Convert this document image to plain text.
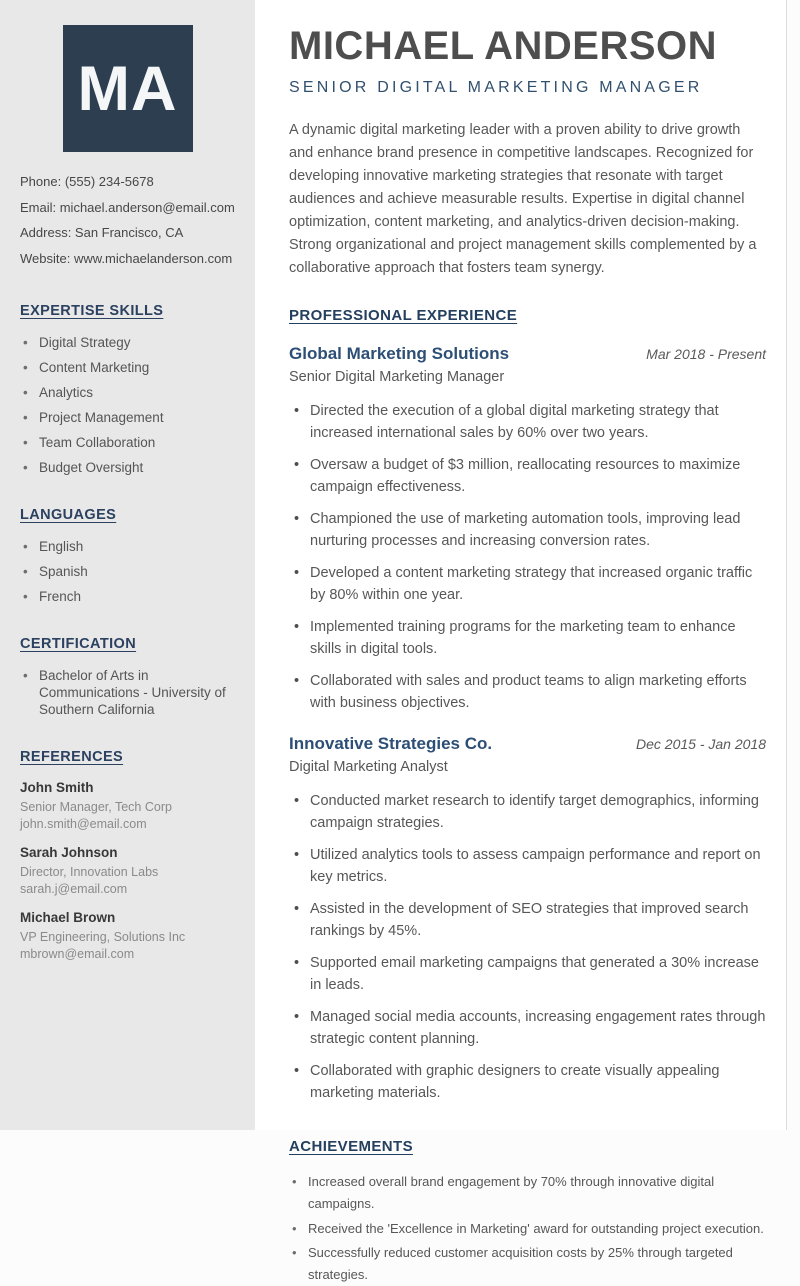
MA

Phone: (555) 234-5678

Email: michael.anderson@email.com

Address: San Francisco, CA

Website: www.michaelanderson.com

EXPERTISE SKILLS
• Digital Strategy
• Content Marketing
• Analytics
• Project Management
• Team Collaboration
• Budget Oversight
LANGUAGES
• English
• Spanish
• French
CERTIFICATION
• Bachelor of Arts in Communications - University of Southern California
REFERENCES

John Smith

Senior Manager, Tech Corp

john.smith@email.com

Sarah Johnson

Director, Innovation Labs

sarah.j@email.com

Michael Brown

VP Engineering, Solutions Inc

mbrown@email.com

MICHAEL ANDERSON
SENIOR DIGITAL MARKETING MANAGER

A dynamic digital marketing leader with a proven ability to drive growth and enhance brand presence in competitive landscapes. Recognized for developing innovative marketing strategies that resonate with target audiences and achieve measurable results. Expertise in digital channel optimization, content marketing, and analytics-driven decision-making. Strong organizational and project management skills complemented by a collaborative approach that fosters team synergy.

PROFESSIONAL EXPERIENCE
Global Marketing Solutions	Mar 2018 - Present
Senior Digital Marketing Manager
• Directed the execution of a global digital marketing strategy that increased international sales by 60% over two years.
• Oversaw a budget of $3 million, reallocating resources to maximize campaign effectiveness.
• Championed the use of marketing automation tools, improving lead nurturing processes and increasing conversion rates.
• Developed a content marketing strategy that increased organic traffic by 80% within one year.
• Implemented training programs for the marketing team to enhance skills in digital tools.
• Collaborated with sales and product teams to align marketing efforts with business objectives.
Innovative Strategies Co.	Dec 2015 - Jan 2018
Digital Marketing Analyst
• Conducted market research to identify target demographics, informing campaign strategies.
• Utilized analytics tools to assess campaign performance and report on key metrics.
• Assisted in the development of SEO strategies that improved search rankings by 45%.
• Supported email marketing campaigns that generated a 30% increase in leads.
• Managed social media accounts, increasing engagement rates through strategic content planning.
• Collaborated with graphic designers to create visually appealing marketing materials.
ACHIEVEMENTS
• Increased overall brand engagement by 70% through innovative digital campaigns.
• Received the 'Excellence in Marketing' award for outstanding project execution.
• Successfully reduced customer acquisition costs by 25% through targeted strategies.
